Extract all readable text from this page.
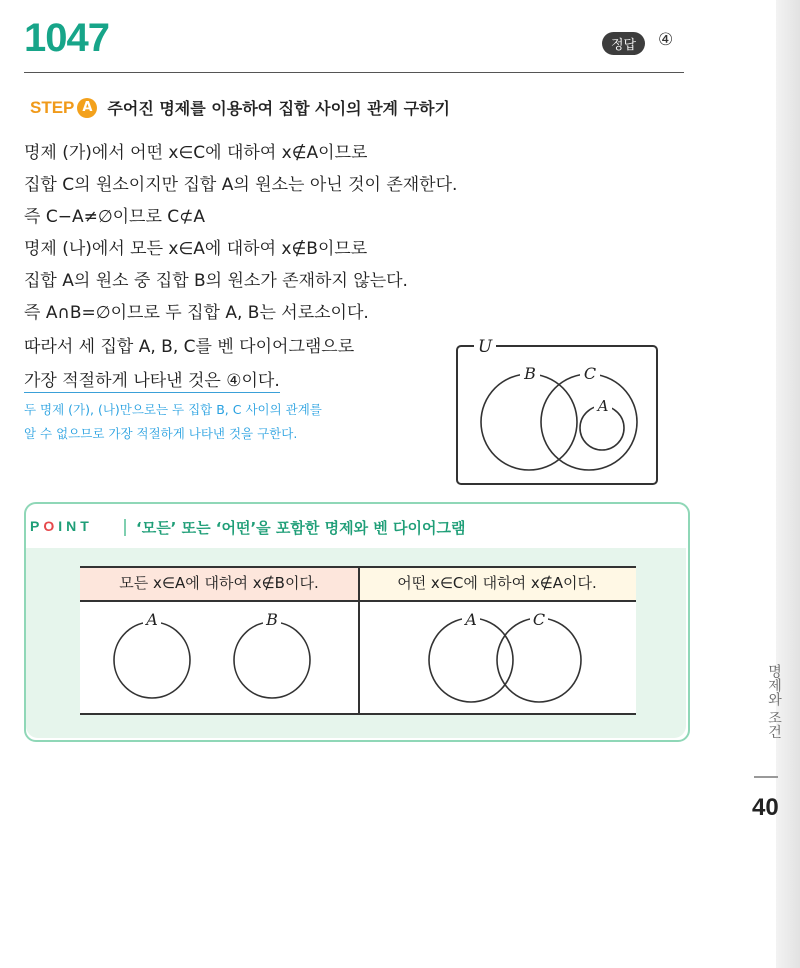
1047	정답	④
STEP A 주어진 명제를 이용하여 집합 사이의 관계 구하기
명제 (가)에서 어떤 x∈C에 대하여 x∉A이므로
집합 C의 원소이지만 집합 A의 원소는 아닌 것이 존재한다.
즉 C−A≠∅이므로 C⊄A
명제 (나)에서 모든 x∈A에 대하여 x∉B이므로
집합 A의 원소 중 집합 B의 원소가 존재하지 않는다.
즉 A∩B=∅이므로 두 집합 A, B는 서로소이다.
따라서 세 집합 A, B, C를 벤 다이어그램으로
가장 적절하게 나타낸 것은 ④이다.
두 명제 (가), (나)만으로는 두 집합 B, C 사이의 관계를
알 수 없으므로 가장 적절하게 나타낸 것을 구한다.
U
B	C
A
POINT	‘모든’ 또는 ‘어떤’을 포함한 명제와 벤 다이어그램
모든 x∈A에 대하여 x∉B이다.	어떤 x∈C에 대하여 x∉A이다.
A	B	A	C
명제와 조건
40
